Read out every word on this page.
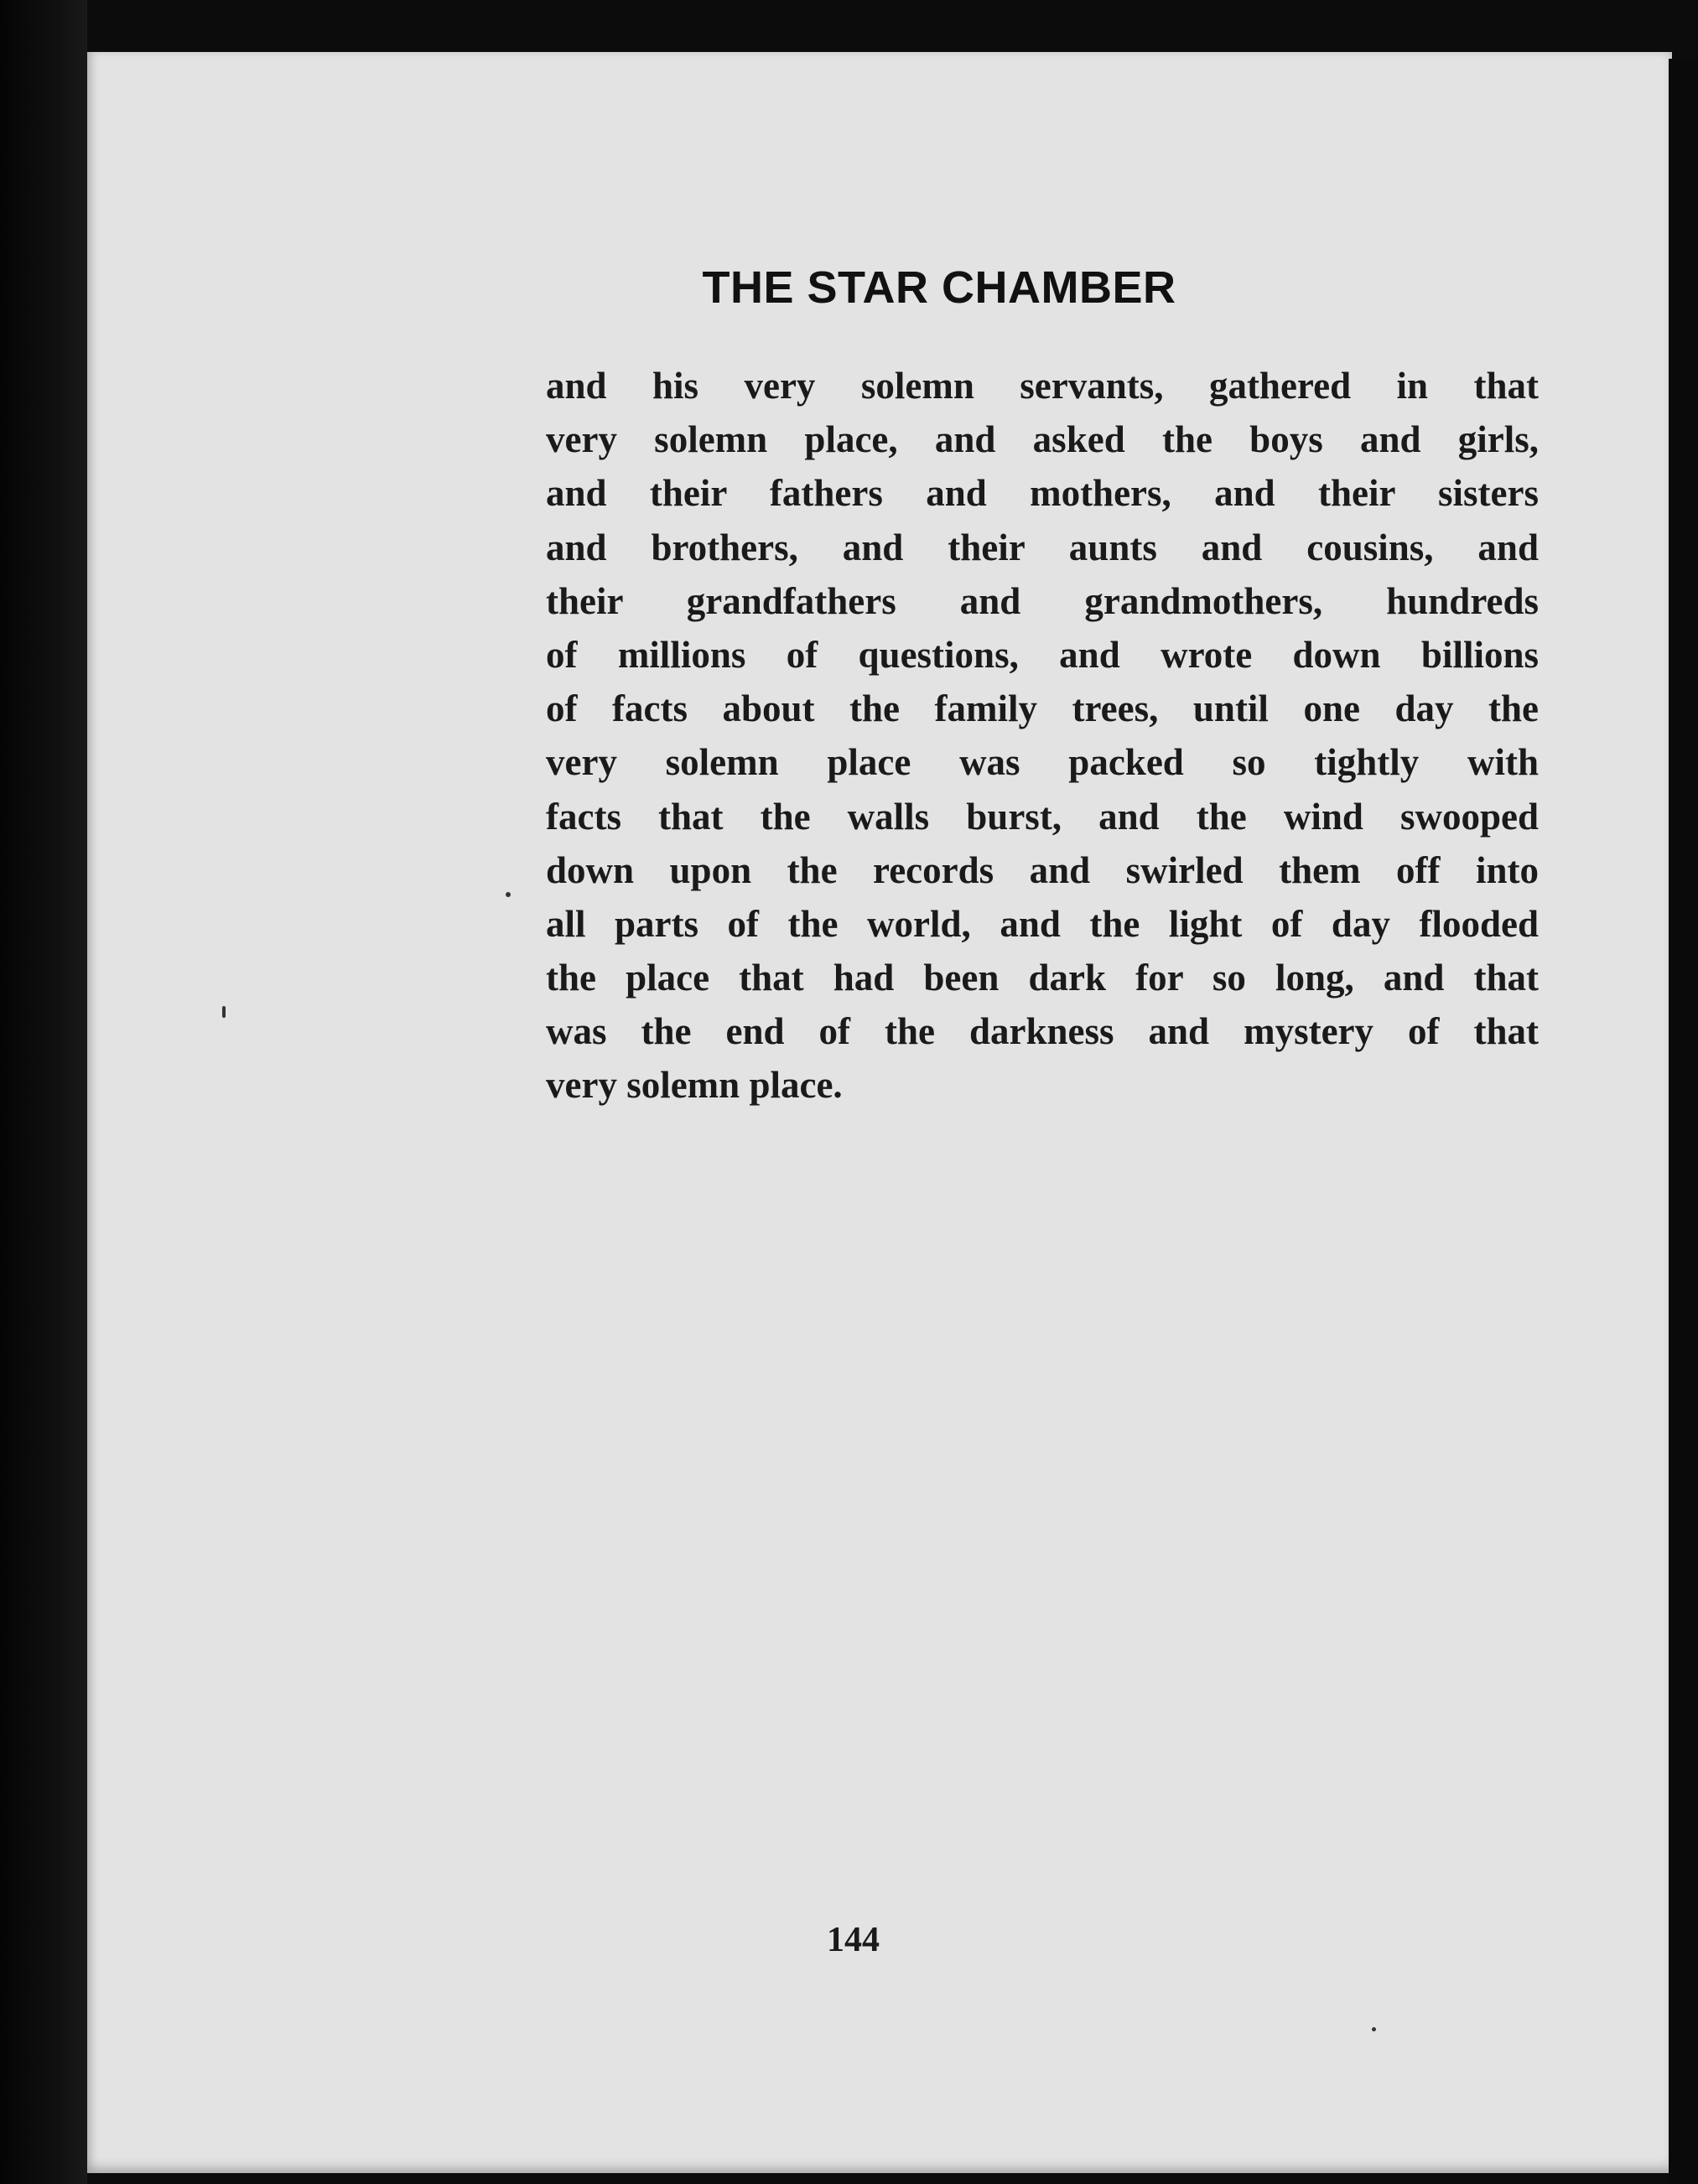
THE STAR CHAMBER
and his very solemn servants, gathered in that
very solemn place, and asked the boys and girls,
and their fathers and mothers, and their sisters
and brothers, and their aunts and cousins, and
their grandfathers and grandmothers, hundreds
of millions of questions, and wrote down billions
of facts about the family trees, until one day the
very solemn place was packed so tightly with
facts that the walls burst, and the wind swooped
down upon the records and swirled them off into
all parts of the world, and the light of day flooded
the place that had been dark for so long, and that
was the end of the darkness and mystery of that
very solemn place.

144
